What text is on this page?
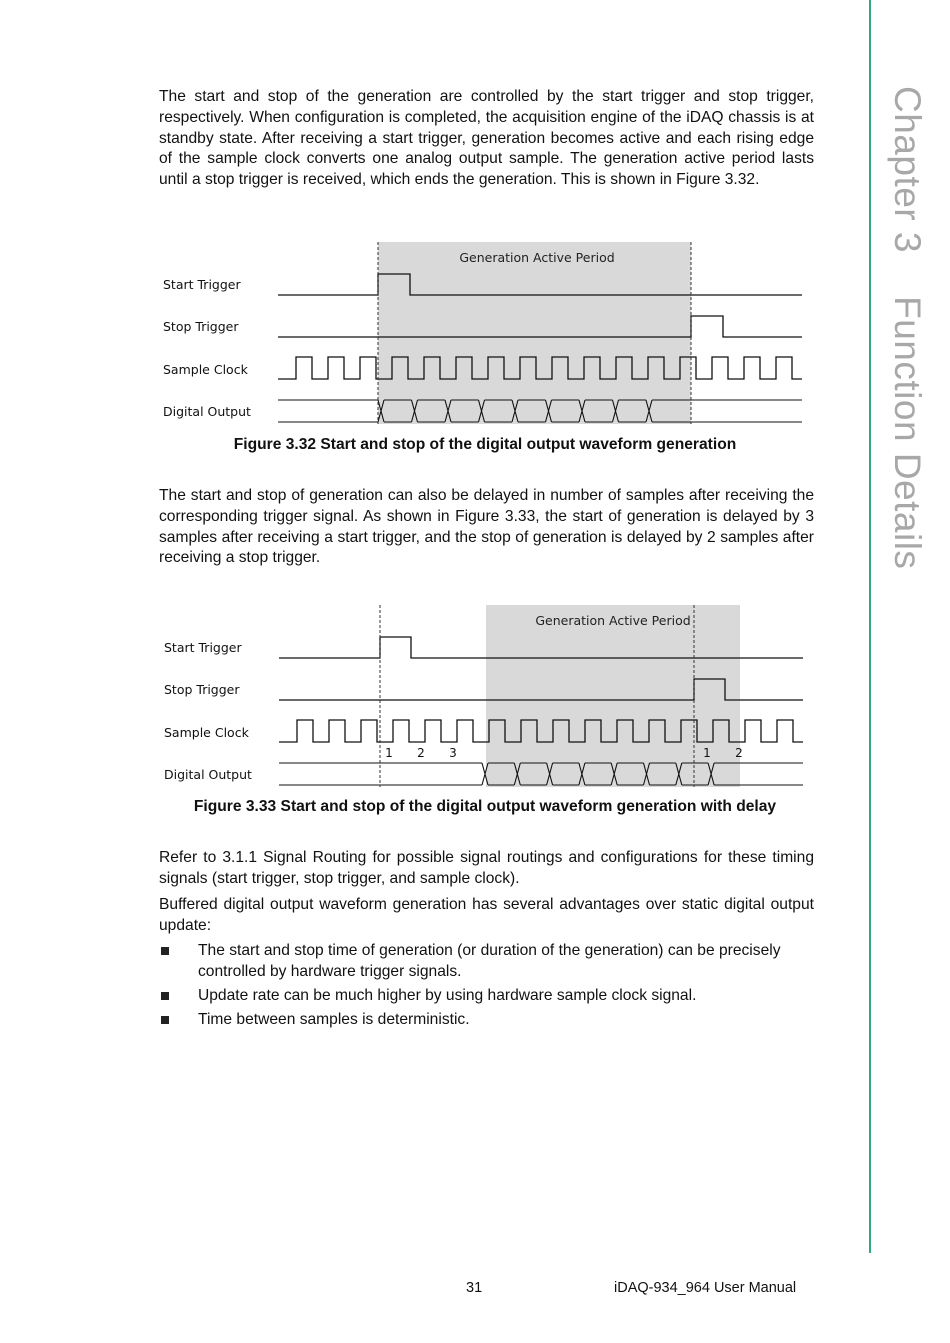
Chapter 3    Function Details

The start and stop of the generation are controlled by the start trigger and stop trigger, respectively. When configuration is completed, the acquisition engine of the iDAQ chassis is at standby state. After receiving a start trigger, generation becomes active and each rising edge of the sample clock converts one analog output sample. The generation active period lasts until a stop trigger is received, which ends the generation. This is shown in Figure 3.32.

Generation Active Period
Start Trigger
Stop Trigger
Sample Clock
Digital Output

Figure 3.32 Start and stop of the digital output waveform generation

The start and stop of generation can also be delayed in number of samples after receiving the corresponding trigger signal. As shown in Figure 3.33, the start of generation is delayed by 3 samples after receiving a start trigger, and the stop of generation is delayed by 2 samples after receiving a stop trigger.

Generation Active Period
Start Trigger
Stop Trigger
Sample Clock
Digital Output
1 2 3	1 2

Figure 3.33 Start and stop of the digital output waveform generation with delay

Refer to 3.1.1 Signal Routing for possible signal routings and configurations for these timing signals (start trigger, stop trigger, and sample clock).

Buffered digital output waveform generation has several advantages over static digital output update:

The start and stop time of generation (or duration of the generation) can be precisely controlled by hardware trigger signals.
Update rate can be much higher by using hardware sample clock signal.
Time between samples is deterministic.
31	iDAQ-934_964 User Manual
